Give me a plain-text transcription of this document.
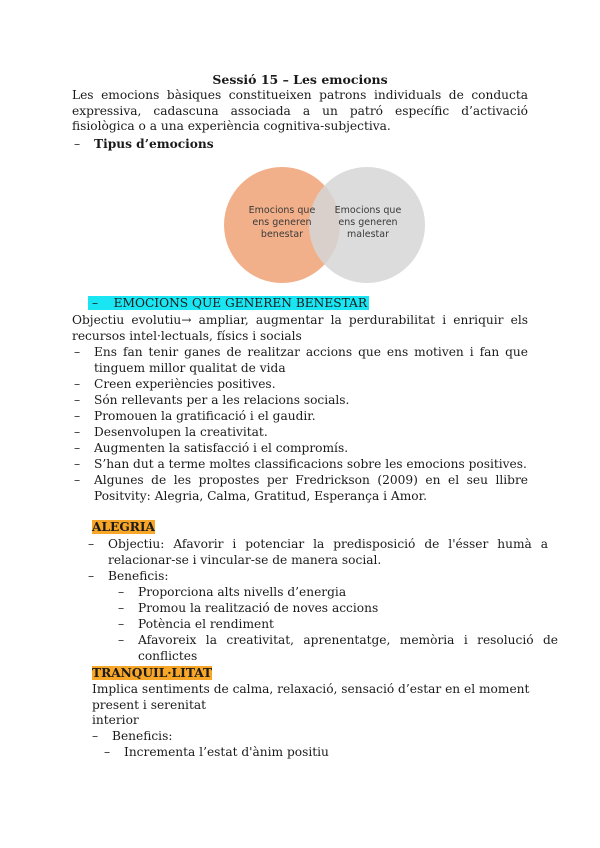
Sessió 15 – Les emocions
Les emocions bàsiques constitueixen patrons individuals de conducta expressiva, cadascuna associada a un patró específic d’activació fisiològica o a una experiència cognitiva-subjectiva.
– Tipus d’emocions
Emocions que
ens generen
benestar
Emocions que
ens generen
malestar
– EMOCIONS QUE GENEREN BENESTAR
Objectiu evolutiu→ ampliar, augmentar la perdurabilitat i enriquir els recursos intel·lectuals, físics i socials
– Ens fan tenir ganes de realitzar accions que ens motiven i fan que tinguem millor qualitat de vida
– Creen experiències positives.
– Són rellevants per a les relacions socials.
– Promouen la gratificació i el gaudir.
– Desenvolupen la creativitat.
– Augmenten la satisfacció i el compromís.
– S’han dut a terme moltes classificacions sobre les emocions positives.
– Algunes de les propostes per Fredrickson (2009) en el seu llibre Positvity: Alegria, Calma, Gratitud, Esperança i Amor.
ALEGRIA
– Objectiu: Afavorir i potenciar la predisposició de l'ésser humà a relacionar-se i vincular-se de manera social.
– Beneficis:
– Proporciona alts nivells d’energia
– Promou la realització de noves accions
– Potència el rendiment
– Afavoreix la creativitat, aprenentatge, memòria i resolució de conflictes
TRANQUIL·LITAT
Implica sentiments de calma, relaxació, sensació d’estar en el moment present i serenitat
interior
– Beneficis:
– Incrementa l’estat d'ànim positiu
